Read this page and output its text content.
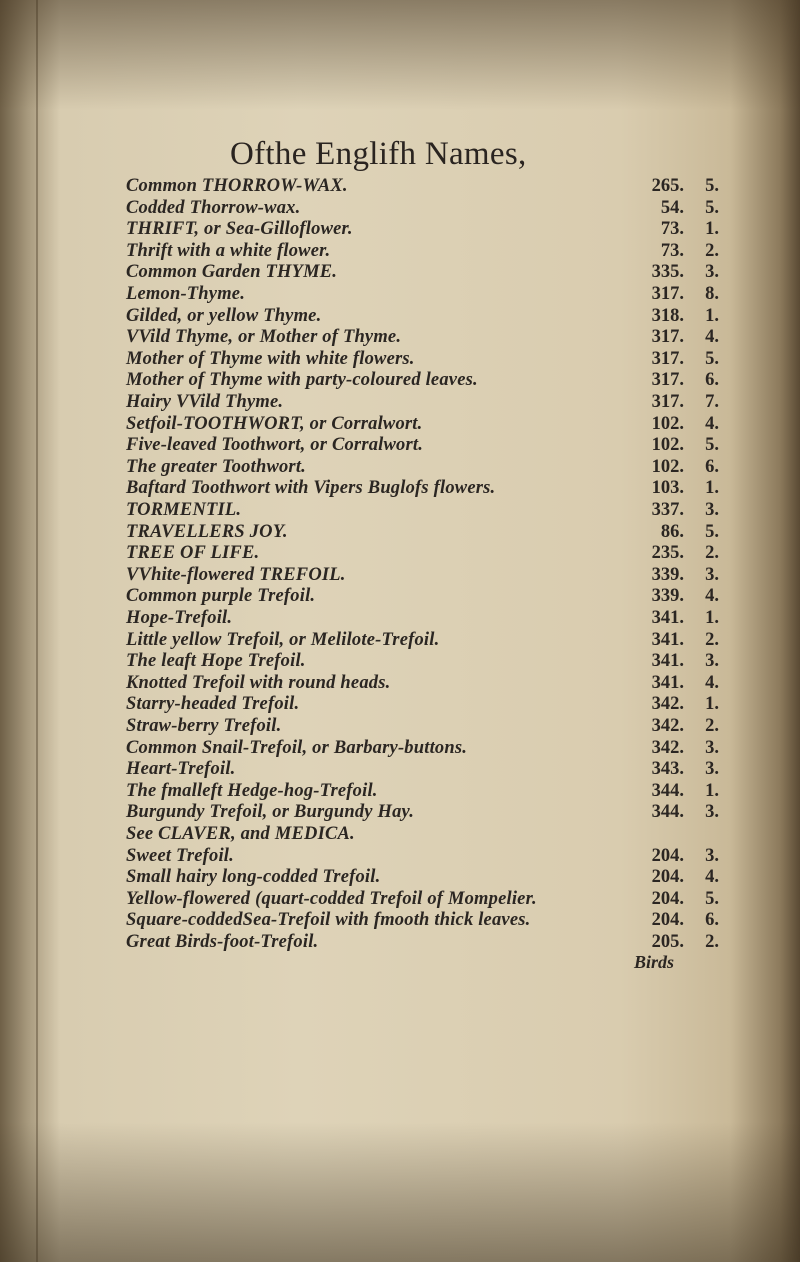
Ofthe Englifh Names,
Common THORROW-WAX.	265. 5.
Codded Thorrow-wax.	54. 5.
THRIFT, or Sea-Gilloflower.	73. 1.
Thrift with a white flower.	73. 2.
Common Garden THYME.	335. 3.
Lemon-Thyme.	317. 8.
Gilded, or yellow Thyme.	318. 1.
VVild Thyme, or Mother of Thyme.	317. 4.
Mother of Thyme with white flowers.	317. 5.
Mother of Thyme with party-coloured leaves.	317. 6.
Hairy VVild Thyme.	317. 7.
Setfoil-TOOTHWORT, or Corralwort.	102. 4.
Five-leaved Toothwort, or Corralwort.	102. 5.
The greater Toothwort.	102. 6.
Baftard Toothwort with Vipers Buglofs flowers.	103. 1.
TORMENTIL.	337. 3.
TRAVELLERS JOY.	86. 5.
TREE OF LIFE.	235. 2.
VVhite-flowered TREFOIL.	339. 3.
Common purple Trefoil.	339. 4.
Hope-Trefoil.	341. 1.
Little yellow Trefoil, or Melilote-Trefoil.	341. 2.
The leaft Hope Trefoil.	341. 3.
Knotted Trefoil with round heads.	341. 4.
Starry-headed Trefoil.	342. 1.
Straw-berry Trefoil.	342. 2.
Common Snail-Trefoil, or Barbary-buttons.	342. 3.
Heart-Trefoil.	343. 3.
The fmalleft Hedge-hog-Trefoil.	344. 1.
Burgundy Trefoil, or Burgundy Hay.	344. 3.
See CLAVER, and MEDICA.
Sweet Trefoil.	204. 3.
Small hairy long-codded Trefoil.	204. 4.
Yellow-flowered (quart-codded Trefoil of Mompelier.	204. 5.
Square-coddedSea-Trefoil with fmooth thick leaves.	204. 6.
Great Birds-foot-Trefoil.	205. 2.
Birds
